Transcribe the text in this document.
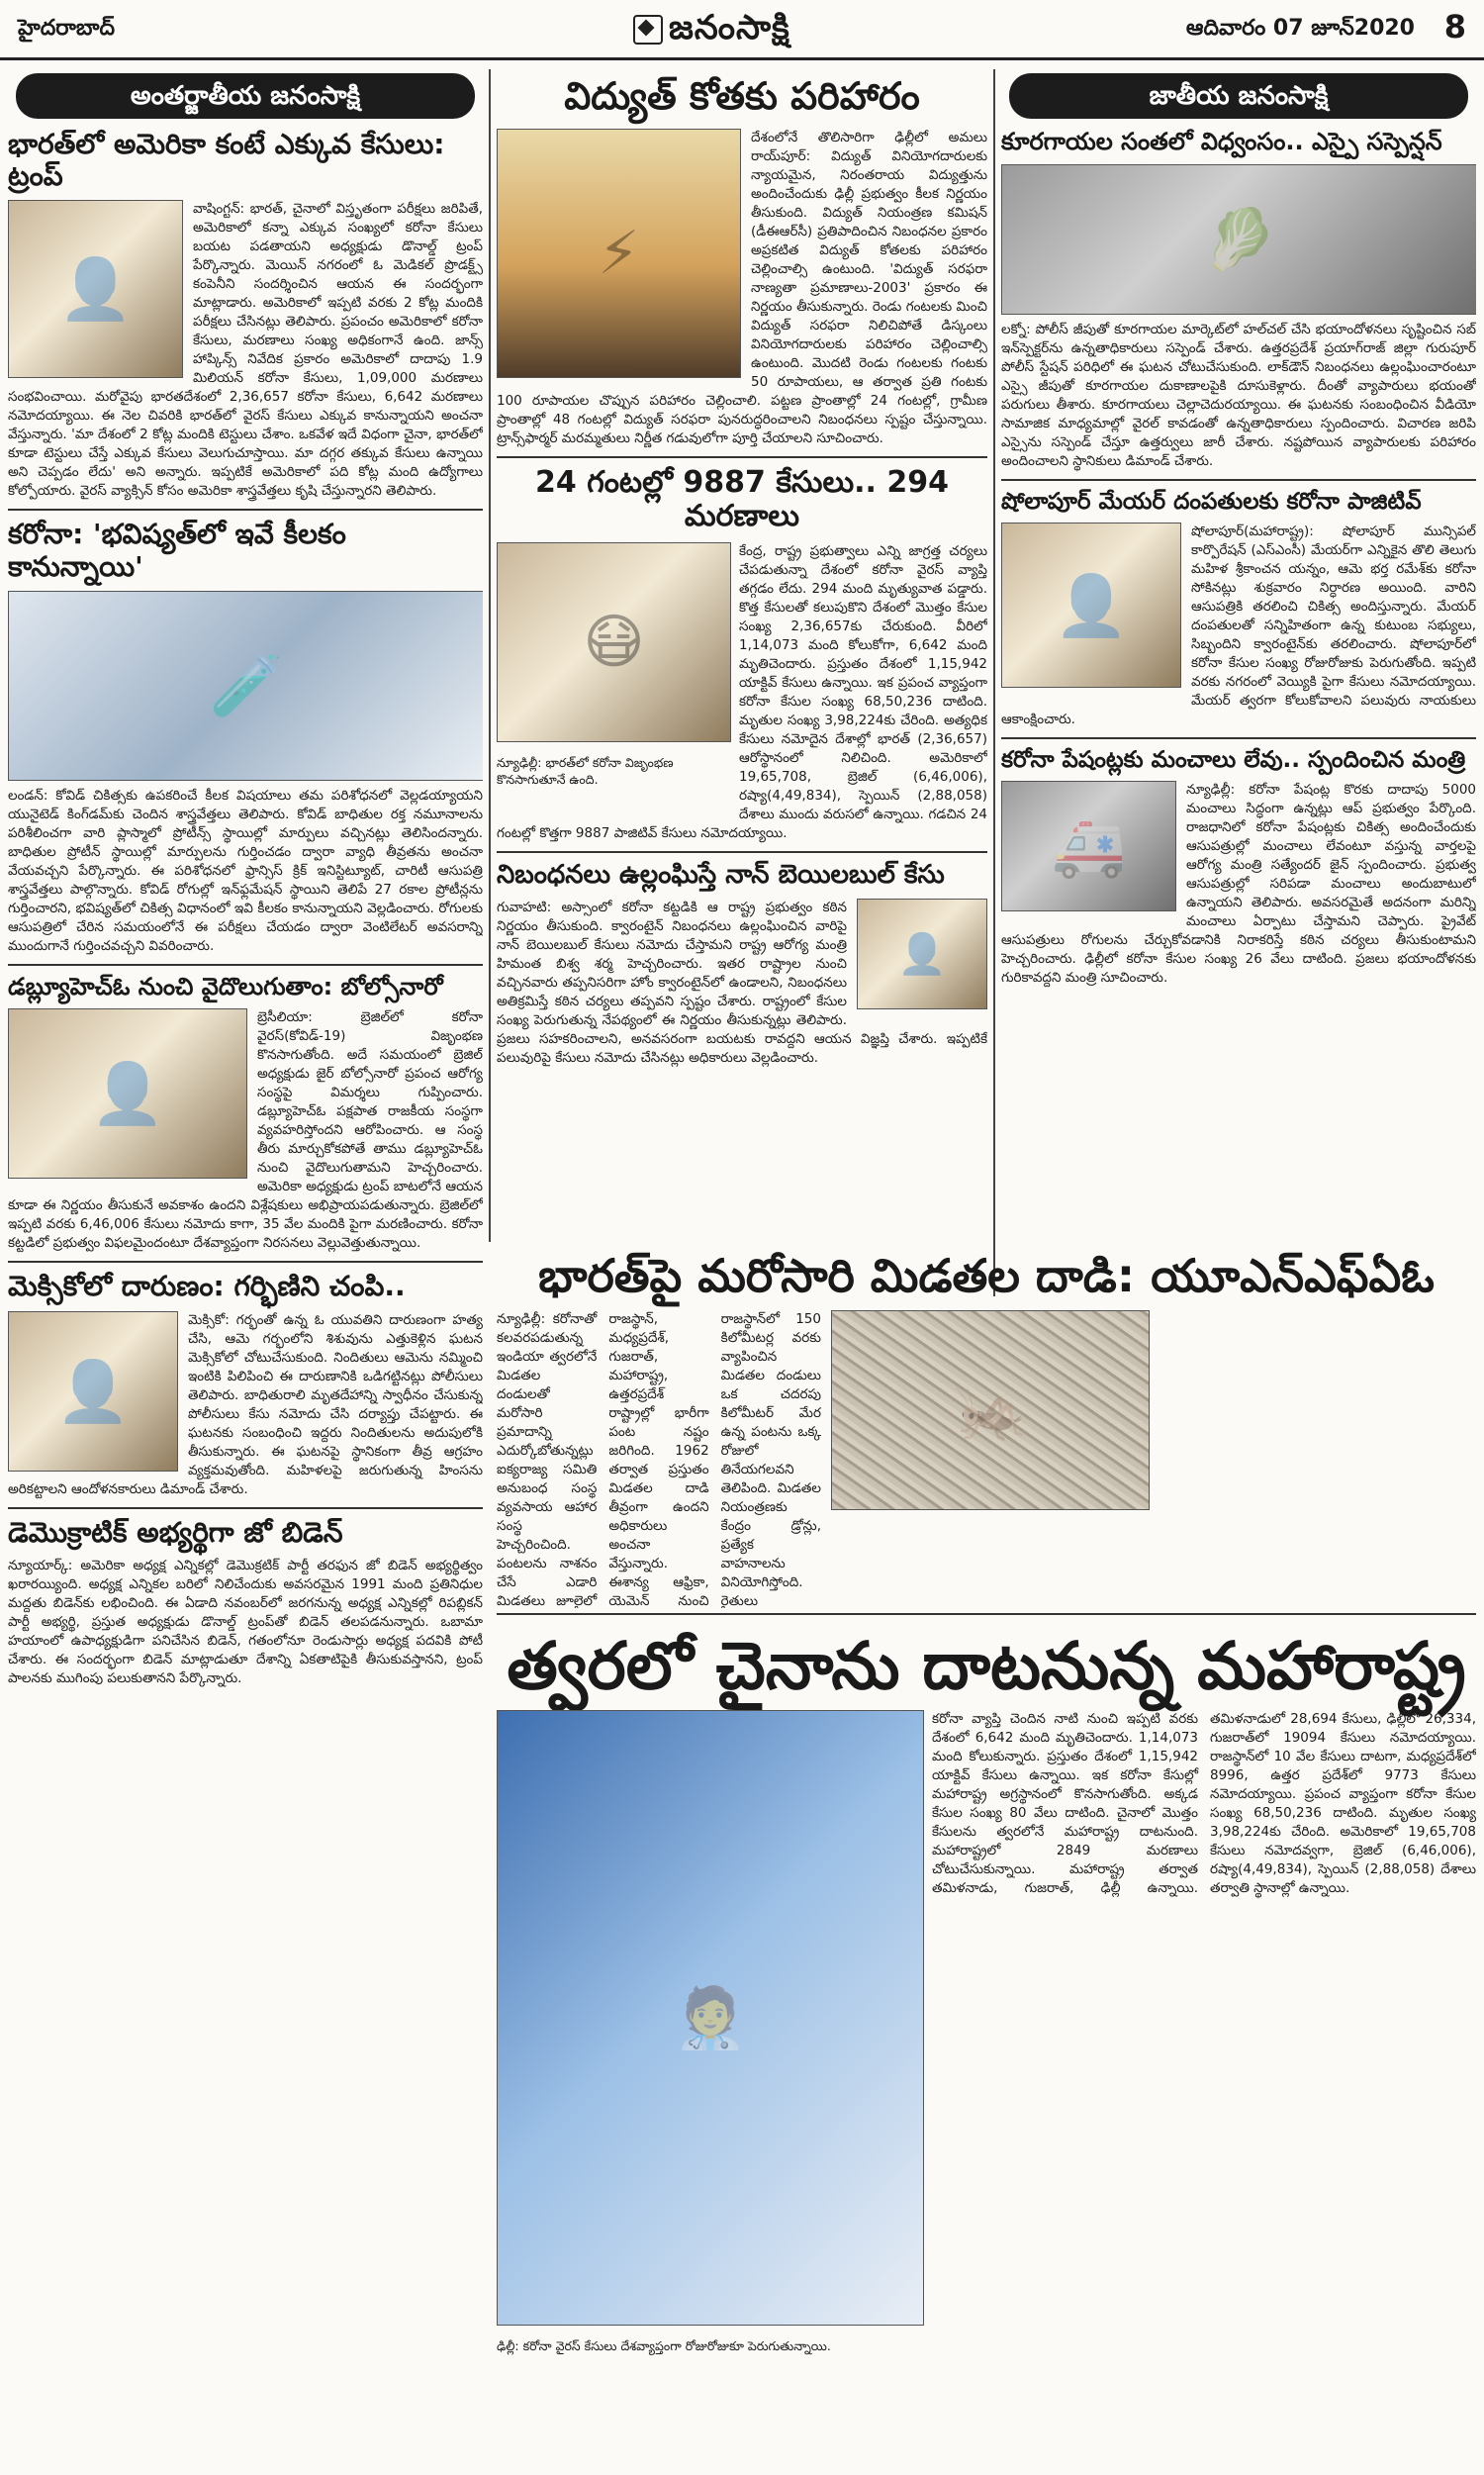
హైదరాబాద్	జనంసాక్షి	ఆదివారం 07 జూన్2020 8
అంతర్జాతీయ జనంసాక్షి
భారత్‌లో అమెరికా కంటే ఎక్కువ కేసులు: ట్రంప్
👤

వాషింగ్టన్‌: భారత్‌, చైనాలో విస్తృతంగా పరీక్షలు జరిపితే, అమెరికాలో కన్నా ఎక్కువ సంఖ్యలో కరోనా కేసులు బయట పడతాయని అధ్యక్షుడు డొనాల్డ్‌ ట్రంప్‌ పేర్కొన్నారు. మెయిన్‌ నగరంలో ఓ మెడికల్‌ ప్రొడక్ట్స్‌ కంపెనీని సందర్శించిన ఆయన ఈ సందర్భంగా మాట్లాడారు. అమెరికాలో ఇప్పటి వరకు 2 కోట్ల మందికి పరీక్షలు చేసినట్లు తెలిపారు. ప్రపంచం అమెరికాలో కరోనా కేసులు, మరణాలు సంఖ్య అధికంగానే ఉంది. జాన్స్‌ హాప్కిన్స్‌ నివేదిక ప్రకారం అమెరికాలో దాదాపు 1.9 మిలియన్‌ కరోనా కేసులు, 1,09,000 మరణాలు సంభవించాయి. మరోవైపు భారతదేశంలో 2,36,657 కరోనా కేసులు, 6,642 మరణాలు నమోదయ్యాయి. ఈ నెల చివరికి భారత్‌లో వైరస్‌ కేసులు ఎక్కువ కానున్నాయని అంచనా వేస్తున్నారు. 'మా దేశంలో 2 కోట్ల మందికి టెస్టులు చేశాం. ఒకవేళ ఇదే విధంగా చైనా, భారత్‌లో కూడా టెస్టులు చేస్తే ఎక్కువ కేసులు వెలుగుచూస్తాయి. మా దగ్గర తక్కువ కేసులు ఉన్నాయి అని చెప్పడం లేదు' అని అన్నారు. ఇప్పటికే అమెరికాలో పది కోట్ల మంది ఉద్యోగాలు కోల్పోయారు. వైరస్‌ వ్యాక్సిన్‌ కోసం అమెరికా శాస్త్రవేత్తలు కృషి చేస్తున్నారని తెలిపారు.

కరోనా: 'భవిష్యత్‌లో ఇవే కీలకం కానున్నాయి'
🧪

లండన్‌: కోవిడ్‌ చికిత్సకు ఉపకరించే కీలక విషయాలు తమ పరిశోధనలో వెల్లడయ్యాయని యునైటెడ్‌ కింగ్‌డమ్‌కు చెందిన శాస్త్రవేత్తలు తెలిపారు. కోవిడ్‌ బాధితుల రక్త నమూనాలను పరిశీలించగా వారి ప్లాస్మాలో ప్రోటీన్స్‌ స్థాయిల్లో మార్పులు వచ్చినట్లు తెలిసిందన్నారు. బాధితుల ప్రోటీన్‌ స్థాయిల్లో మార్పులను గుర్తించడం ద్వారా వ్యాధి తీవ్రతను అంచనా వేయవచ్చని పేర్కొన్నారు. ఈ పరిశోధనలో ఫ్రాన్సిస్‌ క్రిక్‌ ఇనిస్టిట్యూట్‌, చారిటీ ఆసుపత్రి శాస్త్రవేత్తలు పాల్గొన్నారు. కోవిడ్‌ రోగుల్లో ఇన్‌ఫ్లమేషన్‌ స్థాయిని తెలిపే 27 రకాల ప్రోటీన్లను గుర్తించారని, భవిష్యత్‌లో చికిత్స విధానంలో ఇవి కీలకం కానున్నాయని వెల్లడించారు. రోగులకు ఆసుపత్రిలో చేరిన సమయంలోనే ఈ పరీక్షలు చేయడం ద్వారా వెంటిలేటర్‌ అవసరాన్ని ముందుగానే గుర్తించవచ్చని వివరించారు.

డబ్ల్యూహెచ్‌ఓ నుంచి వైదొలుగుతాం: బోల్సోనారో
👤

బ్రెసీలియా: బ్రెజిల్‌లో కరోనా వైరస్‌(కోవిడ్‌-19) విజృంభణ కొనసాగుతోంది. అదే సమయంలో బ్రెజిల్‌ అధ్యక్షుడు జైర్‌ బోల్సోనారో ప్రపంచ ఆరోగ్య సంస్థపై విమర్శలు గుప్పించారు. డబ్ల్యూహెచ్‌ఓ పక్షపాత రాజకీయ సంస్థగా వ్యవహరిస్తోందని ఆరోపించారు. ఆ సంస్థ తీరు మార్చుకోకపోతే తాము డబ్ల్యూహెచ్‌ఓ నుంచి వైదొలుగుతామని హెచ్చరించారు. అమెరికా అధ్యక్షుడు ట్రంప్‌ బాటలోనే ఆయన కూడా ఈ నిర్ణయం తీసుకునే అవకాశం ఉందని విశ్లేషకులు అభిప్రాయపడుతున్నారు. బ్రెజిల్‌లో ఇప్పటి వరకు 6,46,006 కేసులు నమోదు కాగా, 35 వేల మందికి పైగా మరణించారు. కరోనా కట్టడిలో ప్రభుత్వం విఫలమైందంటూ దేశవ్యాప్తంగా నిరసనలు వెల్లువెత్తుతున్నాయి.

మెక్సికోలో దారుణం: గర్భిణిని చంపి..
👤

మెక్సికో: గర్భంతో ఉన్న ఓ యువతిని దారుణంగా హత్య చేసి, ఆమె గర్భంలోని శిశువును ఎత్తుకెళ్లిన ఘటన మెక్సికోలో చోటుచేసుకుంది. నిందితులు ఆమెను నమ్మించి ఇంటికి పిలిపించి ఈ దారుణానికి ఒడిగట్టినట్లు పోలీసులు తెలిపారు. బాధితురాలి మృతదేహాన్ని స్వాధీనం చేసుకున్న పోలీసులు కేసు నమోదు చేసి దర్యాప్తు చేపట్టారు. ఈ ఘటనకు సంబంధించి ఇద్దరు నిందితులను అదుపులోకి తీసుకున్నారు. ఈ ఘటనపై స్థానికంగా తీవ్ర ఆగ్రహం వ్యక్తమవుతోంది. మహిళలపై జరుగుతున్న హింసను అరికట్టాలని ఆందోళనకారులు డిమాండ్‌ చేశారు.

డెమొక్రాటిక్‌ అభ్యర్థిగా జో బిడెన్‌

న్యూయార్క్‌: అమెరికా అధ్యక్ష ఎన్నికల్లో డెమొక్రటిక్‌ పార్టీ తరఫున జో బిడెన్‌ అభ్యర్థిత్వం ఖరారయ్యింది. అధ్యక్ష ఎన్నికల బరిలో నిలిచేందుకు అవసరమైన 1991 మంది ప్రతినిధుల మద్దతు బిడెన్‌కు లభించింది. ఈ ఏడాది నవంబర్‌లో జరగనున్న అధ్యక్ష ఎన్నికల్లో రిపబ్లికన్‌ పార్టీ అభ్యర్థి, ప్రస్తుత అధ్యక్షుడు డొనాల్డ్‌ ట్రంప్‌తో బిడెన్‌ తలపడనున్నారు. ఒబామా హయాంలో ఉపాధ్యక్షుడిగా పనిచేసిన బిడెన్‌, గతంలోనూ రెండుసార్లు అధ్యక్ష పదవికి పోటీ చేశారు. ఈ సందర్భంగా బిడెన్‌ మాట్లాడుతూ దేశాన్ని ఏకతాటిపైకి తీసుకువస్తానని, ట్రంప్‌ పాలనకు ముగింపు పలుకుతానని పేర్కొన్నారు.

విద్యుత్‌ కోతకు పరిహారం
⚡

దేశంలోనే తొలిసారిగా ఢిల్లీలో అమలు రాయ్‌పూర్‌: విద్యుత్‌ వినియోగదారులకు న్యాయమైన, నిరంతరాయ విద్యుత్తును అందించేందుకు ఢిల్లీ ప్రభుత్వం కీలక నిర్ణయం తీసుకుంది. విద్యుత్‌ నియంత్రణ కమిషన్‌ (డీఈఆర్‌సీ) ప్రతిపాదించిన నిబంధనల ప్రకారం అప్రకటిత విద్యుత్‌ కోతలకు పరిహారం చెల్లించాల్సి ఉంటుంది. 'విద్యుత్‌ సరఫరా నాణ్యతా ప్రమాణాలు-2003' ప్రకారం ఈ నిర్ణయం తీసుకున్నారు. రెండు గంటలకు మించి విద్యుత్‌ సరఫరా నిలిచిపోతే డిస్కంలు వినియోగదారులకు పరిహారం చెల్లించాల్సి ఉంటుంది. మొదటి రెండు గంటలకు గంటకు 50 రూపాయలు, ఆ తర్వాత ప్రతి గంటకు 100 రూపాయల చొప్పున పరిహారం చెల్లించాలి. పట్టణ ప్రాంతాల్లో 24 గంటల్లో, గ్రామీణ ప్రాంతాల్లో 48 గంటల్లో విద్యుత్‌ సరఫరా పునరుద్ధరించాలని నిబంధనలు స్పష్టం చేస్తున్నాయి. ట్రాన్స్‌ఫార్మర్‌ మరమ్మతులు నిర్ణీత గడువులోగా పూర్తి చేయాలని సూచించారు.

24 గంటల్లో 9887 కేసులు.. 294 మరణాలు
😷

న్యూఢిల్లీ: భారత్‌లో కరోనా విజృంభణ కొనసాగుతూనే ఉంది.

కేంద్ర, రాష్ట్ర ప్రభుత్వాలు ఎన్ని జాగ్రత్త చర్యలు చేపడుతున్నా దేశంలో కరోనా వైరస్‌ వ్యాప్తి తగ్గడం లేదు. 294 మంది మృత్యువాత పడ్డారు. కొత్త కేసులతో కలుపుకొని దేశంలో మొత్తం కేసుల సంఖ్య 2,36,657కు చేరుకుంది. వీరిలో 1,14,073 మంది కోలుకోగా, 6,642 మంది మృతిచెందారు. ప్రస్తుతం దేశంలో 1,15,942 యాక్టివ్‌ కేసులు ఉన్నాయి. ఇక ప్రపంచ వ్యాప్తంగా కరోనా కేసుల సంఖ్య 68,50,236 దాటింది. మృతుల సంఖ్య 3,98,224కు చేరింది. అత్యధిక కేసులు నమోదైన దేశాల్లో భారత్‌ (2,36,657) ఆరోస్థానంలో నిలిచింది. అమెరికాలో 19,65,708, బ్రెజిల్‌ (6,46,006), రష్యా(4,49,834), స్పెయిన్‌ (2,88,058) దేశాలు ముందు వరుసలో ఉన్నాయి. గడచిన 24 గంటల్లో కొత్తగా 9887 పాజిటివ్‌ కేసులు నమోదయ్యాయి.

నిబంధనలు ఉల్లంఘిస్తే నాన్‌ బెయిలబుల్‌ కేసు
👤

గువాహటి: అస్సాంలో కరోనా కట్టడికి ఆ రాష్ట్ర ప్రభుత్వం కఠిన నిర్ణయం తీసుకుంది. క్వారంటైన్‌ నిబంధనలు ఉల్లంఘించిన వారిపై నాన్‌ బెయిలబుల్‌ కేసులు నమోదు చేస్తామని రాష్ట్ర ఆరోగ్య మంత్రి హిమంత బిశ్వ శర్మ హెచ్చరించారు. ఇతర రాష్ట్రాల నుంచి వచ్చినవారు తప్పనిసరిగా హోం క్వారంటైన్‌లో ఉండాలని, నిబంధనలు అతిక్రమిస్తే కఠిన చర్యలు తప్పవని స్పష్టం చేశారు. రాష్ట్రంలో కేసుల సంఖ్య పెరుగుతున్న నేపథ్యంలో ఈ నిర్ణయం తీసుకున్నట్లు తెలిపారు. ప్రజలు సహకరించాలని, అనవసరంగా బయటకు రావద్దని ఆయన విజ్ఞప్తి చేశారు. ఇప్పటికే పలువురిపై కేసులు నమోదు చేసినట్లు అధికారులు వెల్లడించారు.

జాతీయ జనంసాక్షి
కూరగాయల సంతలో విధ్వంసం.. ఎస్పై సస్పెన్షన్‌
🥬

లక్నో: పోలీస్‌ జీపుతో కూరగాయల మార్కెట్‌లో హల్‌చల్‌ చేసి భయాందోళనలు సృష్టించిన సబ్‌ ఇన్‌స్పెక్టర్‌ను ఉన్నతాధికారులు సస్పెండ్‌ చేశారు. ఉత్తరప్రదేశ్‌ ప్రయాగ్‌రాజ్‌ జిల్లా గురుపూర్‌ పోలీస్‌ స్టేషన్‌ పరిధిలో ఈ ఘటన చోటుచేసుకుంది. లాక్‌డౌన్‌ నిబంధనలు ఉల్లంఘించారంటూ ఎస్సై జీపుతో కూరగాయల దుకాణాలపైకి దూసుకెళ్లారు. దీంతో వ్యాపారులు భయంతో పరుగులు తీశారు. కూరగాయలు చెల్లాచెదురయ్యాయి. ఈ ఘటనకు సంబంధించిన వీడియో సామాజిక మాధ్యమాల్లో వైరల్‌ కావడంతో ఉన్నతాధికారులు స్పందించారు. విచారణ జరిపి ఎస్సైను సస్పెండ్‌ చేస్తూ ఉత్తర్వులు జారీ చేశారు. నష్టపోయిన వ్యాపారులకు పరిహారం అందించాలని స్థానికులు డిమాండ్‌ చేశారు.

షోలాపూర్‌ మేయర్‌ దంపతులకు కరోనా పాజిటివ్‌
👤

షోలాపూర్‌(మహారాష్ట్ర): షోలాపూర్‌ మున్సిపల్‌ కార్పొరేషన్‌ (ఎస్‌ఎంసీ) మేయర్‌గా ఎన్నికైన తొలి తెలుగు మహిళ శ్రీకాంచన యన్నం, ఆమె భర్త రమేశ్‌కు కరోనా సోకినట్లు శుక్రవారం నిర్ధారణ అయింది. వారిని ఆసుపత్రికి తరలించి చికిత్స అందిస్తున్నారు. మేయర్‌ దంపతులతో సన్నిహితంగా ఉన్న కుటుంబ సభ్యులు, సిబ్బందిని క్వారంటైన్‌కు తరలించారు. షోలాపూర్‌లో కరోనా కేసుల సంఖ్య రోజురోజుకు పెరుగుతోంది. ఇప్పటి వరకు నగరంలో వెయ్యికి పైగా కేసులు నమోదయ్యాయి. మేయర్‌ త్వరగా కోలుకోవాలని పలువురు నాయకులు ఆకాంక్షించారు.

కరోనా పేషంట్లకు మంచాలు లేవు.. స్పందించిన మంత్రి
🚑

న్యూఢిల్లీ: కరోనా పేషంట్ల కొరకు దాదాపు 5000 మంచాలు సిద్ధంగా ఉన్నట్లు ఆప్‌ ప్రభుత్వం పేర్కొంది. రాజధానిలో కరోనా పేషంట్లకు చికిత్స అందించేందుకు ఆసుపత్రుల్లో మంచాలు లేవంటూ వస్తున్న వార్తలపై ఆరోగ్య మంత్రి సత్యేందర్‌ జైన్‌ స్పందించారు. ప్రభుత్వ ఆసుపత్రుల్లో సరిపడా మంచాలు అందుబాటులో ఉన్నాయని తెలిపారు. అవసరమైతే అదనంగా మరిన్ని మంచాలు ఏర్పాటు చేస్తామని చెప్పారు. ప్రైవేట్‌ ఆసుపత్రులు రోగులను చేర్చుకోవడానికి నిరాకరిస్తే కఠిన చర్యలు తీసుకుంటామని హెచ్చరించారు. ఢిల్లీలో కరోనా కేసుల సంఖ్య 26 వేలు దాటింది. ప్రజలు భయాందోళనకు గురికావద్దని మంత్రి సూచించారు.

భారత్‌పై మరోసారి మిడతల దాడి: యూఎన్‌ఎఫ్‌ఏఓ
🦗

న్యూఢిల్లీ: కరోనాతో కలవరపడుతున్న ఇండియా త్వరలోనే మిడతల దండులతో మరోసారి ప్రమాదాన్ని ఎదుర్కోబోతున్నట్లు ఐక్యరాజ్య సమితి అనుబంధ సంస్థ వ్యవసాయ ఆహార సంస్థ హెచ్చరించింది. పంటలను నాశనం చేసే ఎడారి మిడతలు జూలైలో రాజస్థాన్‌, మధ్యప్రదేశ్‌, గుజరాత్‌, మహారాష్ట్ర, ఉత్తరప్రదేశ్‌ రాష్ట్రాల్లో భారీగా పంట నష్టం జరిగింది. 1962 తర్వాత ప్రస్తుతం మిడతల దాడి తీవ్రంగా ఉందని అధికారులు అంచనా వేస్తున్నారు. ఈశాన్య ఆఫ్రికా, యెమెన్‌ నుంచి రాజస్థాన్‌లో 150 కిలోమీటర్ల వరకు వ్యాపించిన మిడతల దండులు ఒక చదరపు కిలోమీటర్‌ మేర ఉన్న పంటను ఒక్క రోజులో తినేయగలవని తెలిపింది. మిడతల నియంత్రణకు కేంద్రం డ్రోన్లు, ప్రత్యేక వాహనాలను వినియోగిస్తోంది. రైతులు

త్వరలో చైనాను దాటనున్న మహారాష్ట్ర
🧑‍⚕️

ఢిల్లీ: కరోనా వైరస్‌ కేసులు దేశవ్యాప్తంగా రోజురోజుకూ పెరుగుతున్నాయి.

కరోనా వ్యాప్తి చెందిన నాటి నుంచి ఇప్పటి వరకు దేశంలో 6,642 మంది మృతిచెందారు. 1,14,073 మంది కోలుకున్నారు. ప్రస్తుతం దేశంలో 1,15,942 యాక్టివ్‌ కేసులు ఉన్నాయి. ఇక కరోనా కేసుల్లో మహారాష్ట్ర అగ్రస్థానంలో కొనసాగుతోంది. అక్కడ కేసుల సంఖ్య 80 వేలు దాటింది. చైనాలో మొత్తం కేసులను త్వరలోనే మహారాష్ట్ర దాటనుంది. మహారాష్ట్రలో 2849 మరణాలు చోటుచేసుకున్నాయి. మహారాష్ట్ర తర్వాత తమిళనాడు, గుజరాత్‌, ఢిల్లీ ఉన్నాయి. తమిళనాడులో 28,694 కేసులు, ఢిల్లీలో 26,334, గుజరాత్‌లో 19094 కేసులు నమోదయ్యాయి. రాజస్థాన్‌లో 10 వేల కేసులు దాటగా, మధ్యప్రదేశ్‌లో 8996, ఉత్తర ప్రదేశ్‌లో 9773 కేసులు నమోదయ్యాయి. ప్రపంచ వ్యాప్తంగా కరోనా కేసుల సంఖ్య 68,50,236 దాటింది. మృతుల సంఖ్య 3,98,224కు చేరింది. అమెరికాలో 19,65,708 కేసులు నమోదవ్వగా, బ్రెజిల్‌ (6,46,006), రష్యా(4,49,834), స్పెయిన్‌ (2,88,058) దేశాలు తర్వాతి స్థానాల్లో ఉన్నాయి.
